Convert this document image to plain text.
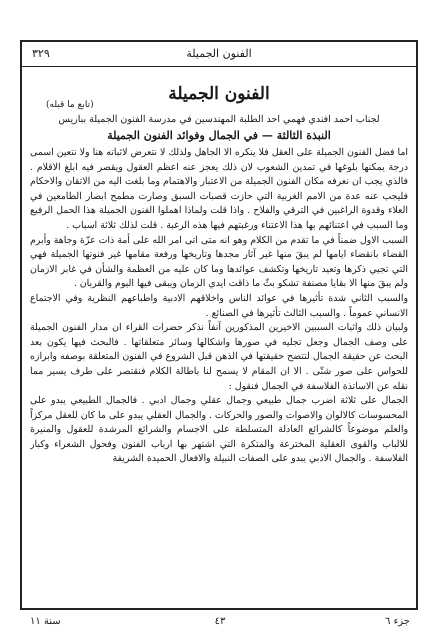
الفنون الجميلة
٣٢٩
الفنون الجميلة
(تابع ما قبله)
لجناب احمد افندي فهمي احد الطلبة المهندسين في مدرسة الفنون الجميلة بباريس
النبذة الثالثة — في الجمال وفوائد الفنون الجميلة

اما فضل الفنون الجميلة على العقل فلا ينكره الا الجاهل ولذلك لا نتعرض لاثباته هنا ولا نتعين اسمى درجة يمكنها بلوغها في تمدين الشعوب لان ذلك يعجز عنه اعظم العقول ويقصر فيه ابلغ الاقلام . فالذي يجب ان نعرفه مكان الفنون الجميلة من الاعتبار والاهتمام وما بلغت اليه من الاتقان والاحكام فليجب عنه عدة من الامم الغربية التي حازت قصبات السبق وصارت مطمح ابصار الطامعين في العلاء وقدوة الراغبين في الترقي والفلاح . واذا قلت ولماذا اهملوا الفنون الجميلة هذا الحمل الرفيع وما السبب في اعتنائهم بها هذا الاعتناء ورغبتهم فيها هذه الرغبة . قلت لذلك ثلاثة اسباب .

السبب الاول ضمناً في ما تقدم من الكلام وهو انه متى اتى امر الله على أمة ذات عزّة وجاهة وأبرم القضاء بانقضاء ايامها لم يبقَ منها غير آثار مجدها وتاريخها ورفعة مقامها غير فنونها الجميلة فهي التي تجيي ذكرها وتعيد تاريخها وتكشف عوائدها وما كان عليه من العظمة والشأن في غابر الازمان ولم يبقَ منها الا بقايا مصنفة تشكو بثّ ما ذاقت ايدي الزمان ويبقى فيها اليوم والقربان .

والسبب الثاني شدة تأثيرها في عوائد الناس واخلاقهم الادبية واطباعهم النظرية وفي الاجتماع الانساني عموماً . والسبب الثالث تأثيرها في الصنائع .

ولبيان ذلك واثبات السببين الاخيرين المذكورين آنفاً نذكر حضرات القراء ان مدار الفنون الجميلة على وصف الجمال وجعل تجليه في صورها واشكالها وسائر متعلقاتها . فالبحث فيها يكون بعد البحث عن حقيقة الجمال لتتضح حقيقتها في الذهن قبل الشروع في الفنون المتعلقة بوصفه وابرازه للحواس على صور شتّى . الا ان المقام لا يسمح لنا باطالة الكلام فنقتصر على طرف يسير مما نقله عن الاساتذة الفلاسفة في الجمال فنقول :

الجمال على ثلاثة اضرب جمال طبيعي وجمال عقلي وجمال ادبي . فالجمال الطبيعي يبدو على المحسوسات كالالوان والاصوات والصور والحركات . والجمال العقلي يبدو على ما كان للعقل مركزاً والعلم موضوعاً كالشرائع العادلة المتسلطة على الاجسام والشرائع المرشدة للعقول والمنيرة للالباب والقوى العقلية المخترعة والمتكرة التي اشتهر بها ارباب الفنون وفحول الشعراء وكبار الفلاسفة . والجمال الادبي يبدو على الصفات النبيلة والافعال الحميدة الشريفة

جزء ٦
٤٣
سنة ١١
